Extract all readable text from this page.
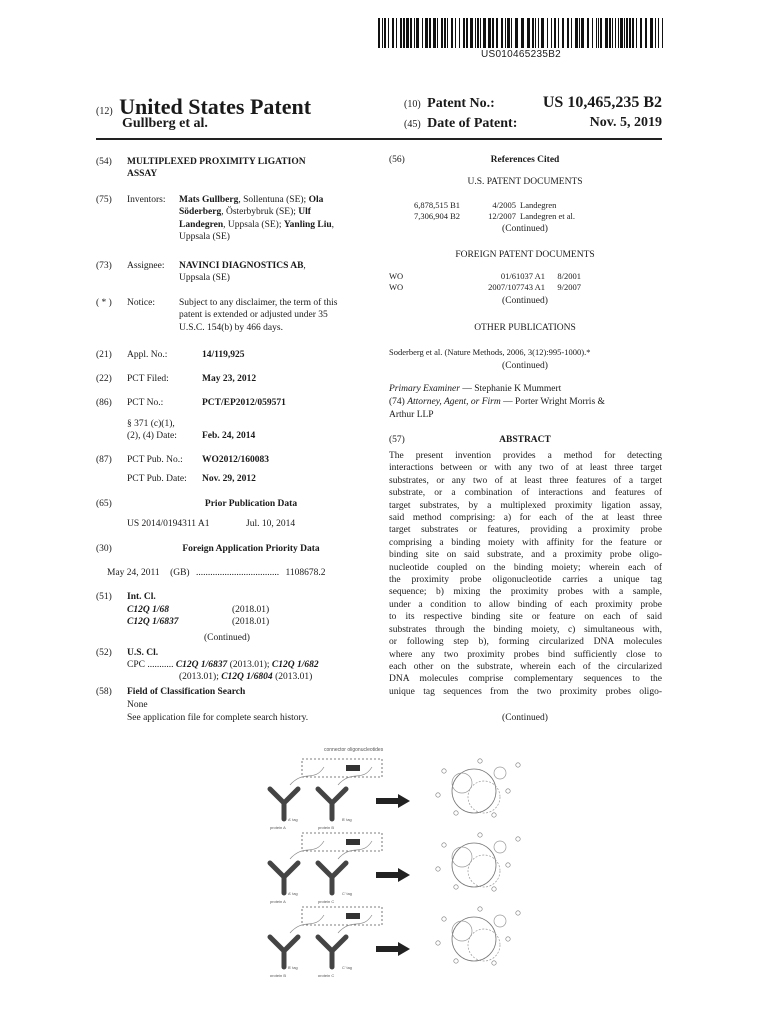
US010465235B2
(12) United States Patent
Gullberg et al.
(10) Patent No.:	US 10,465,235 B2
(45) Date of Patent:	Nov. 5, 2019
(54) MULTIPLEXED PROXIMITY LIGATION
ASSAY
(75) Inventors: Mats Gullberg, Sollentuna (SE); Ola
Söderberg, Österbybruk (SE); Ulf
Landegren, Uppsala (SE); Yanling Liu,
Uppsala (SE)
(73) Assignee: NAVINCI DIAGNOSTICS AB,
Uppsala (SE)
( * ) Notice:	Subject to any disclaimer, the term of this
patent is extended or adjusted under 35
U.S.C. 154(b) by 466 days.
(21) Appl. No.:	14/119,925
(22) PCT Filed:	May 23, 2012
(86) PCT No.:	PCT/EP2012/059571
§ 371 (c)(1),
(2), (4) Date:	Feb. 24, 2014
(87) PCT Pub. No.: WO2012/160083
PCT Pub. Date: Nov. 29, 2012
(65)	Prior Publication Data
US 2014/0194311 A1	Jul. 10, 2014
(30)	Foreign Application Priority Data
May 24, 2011 (GB) ................................... 1108678.2
(51) Int. Cl.
C12Q 1/68	(2018.01)
C12Q 1/6837	(2018.01)
(Continued)
(52) U.S. Cl.
CPC ........... C12Q 1/6837 (2013.01); C12Q 1/682
(2013.01); C12Q 1/6804 (2013.01)
(58) Field of Classification Search
None
See application file for complete search history.
(56)	References Cited
U.S. PATENT DOCUMENTS
6,878,515 B1	4/2005 Landegren
7,306,904 B2	12/2007 Landegren et al.
(Continued)
FOREIGN PATENT DOCUMENTS
WO	01/61037 A1 8/2001
WO	2007/107743 A1 9/2007
(Continued)
OTHER PUBLICATIONS
Soderberg et al. (Nature Methods, 2006, 3(12):995-1000).*
(Continued)
Primary Examiner — Stephanie K Mummert
(74) Attorney, Agent, or Firm — Porter Wright Morris &
Arthur LLP
(57)	ABSTRACT
The present invention provides a method for detecting
interactions between or with any two of at least three target
substrates, or any two of at least three features of a target
substrate, or a combination of interactions and features of
target substrates, by a multiplexed proximity ligation assay,
said method comprising: a) for each of the at least three
target substrates or features, providing a proximity probe
comprising a binding moiety with affinity for the feature or
binding site on said substrate, and a proximity probe oligo-
nucleotide coupled on the binding moiety; wherein each of
the proximity probe oligonucleotide carries a unique tag
sequence; b) mixing the proximity probes with a sample,
under a condition to allow binding of each proximity probe
to its respective binding site or feature on each of said
substrates through the binding moiety, c) simultaneous with,
or following step b), forming circularized DNA molecules
where any two proximity probes bind sufficiently close to
each other on the substrate, wherein each of the circularized
DNA molecules comprise complementary sequences to the
unique tag sequences from the two proximity probes oligo-
(Continued)
connector oligonucleotides
protein A
A' tag
protein B
B' tag
protein A
A' tag
protein C
C' tag
protein B
B' tag
protein C
C' tag
